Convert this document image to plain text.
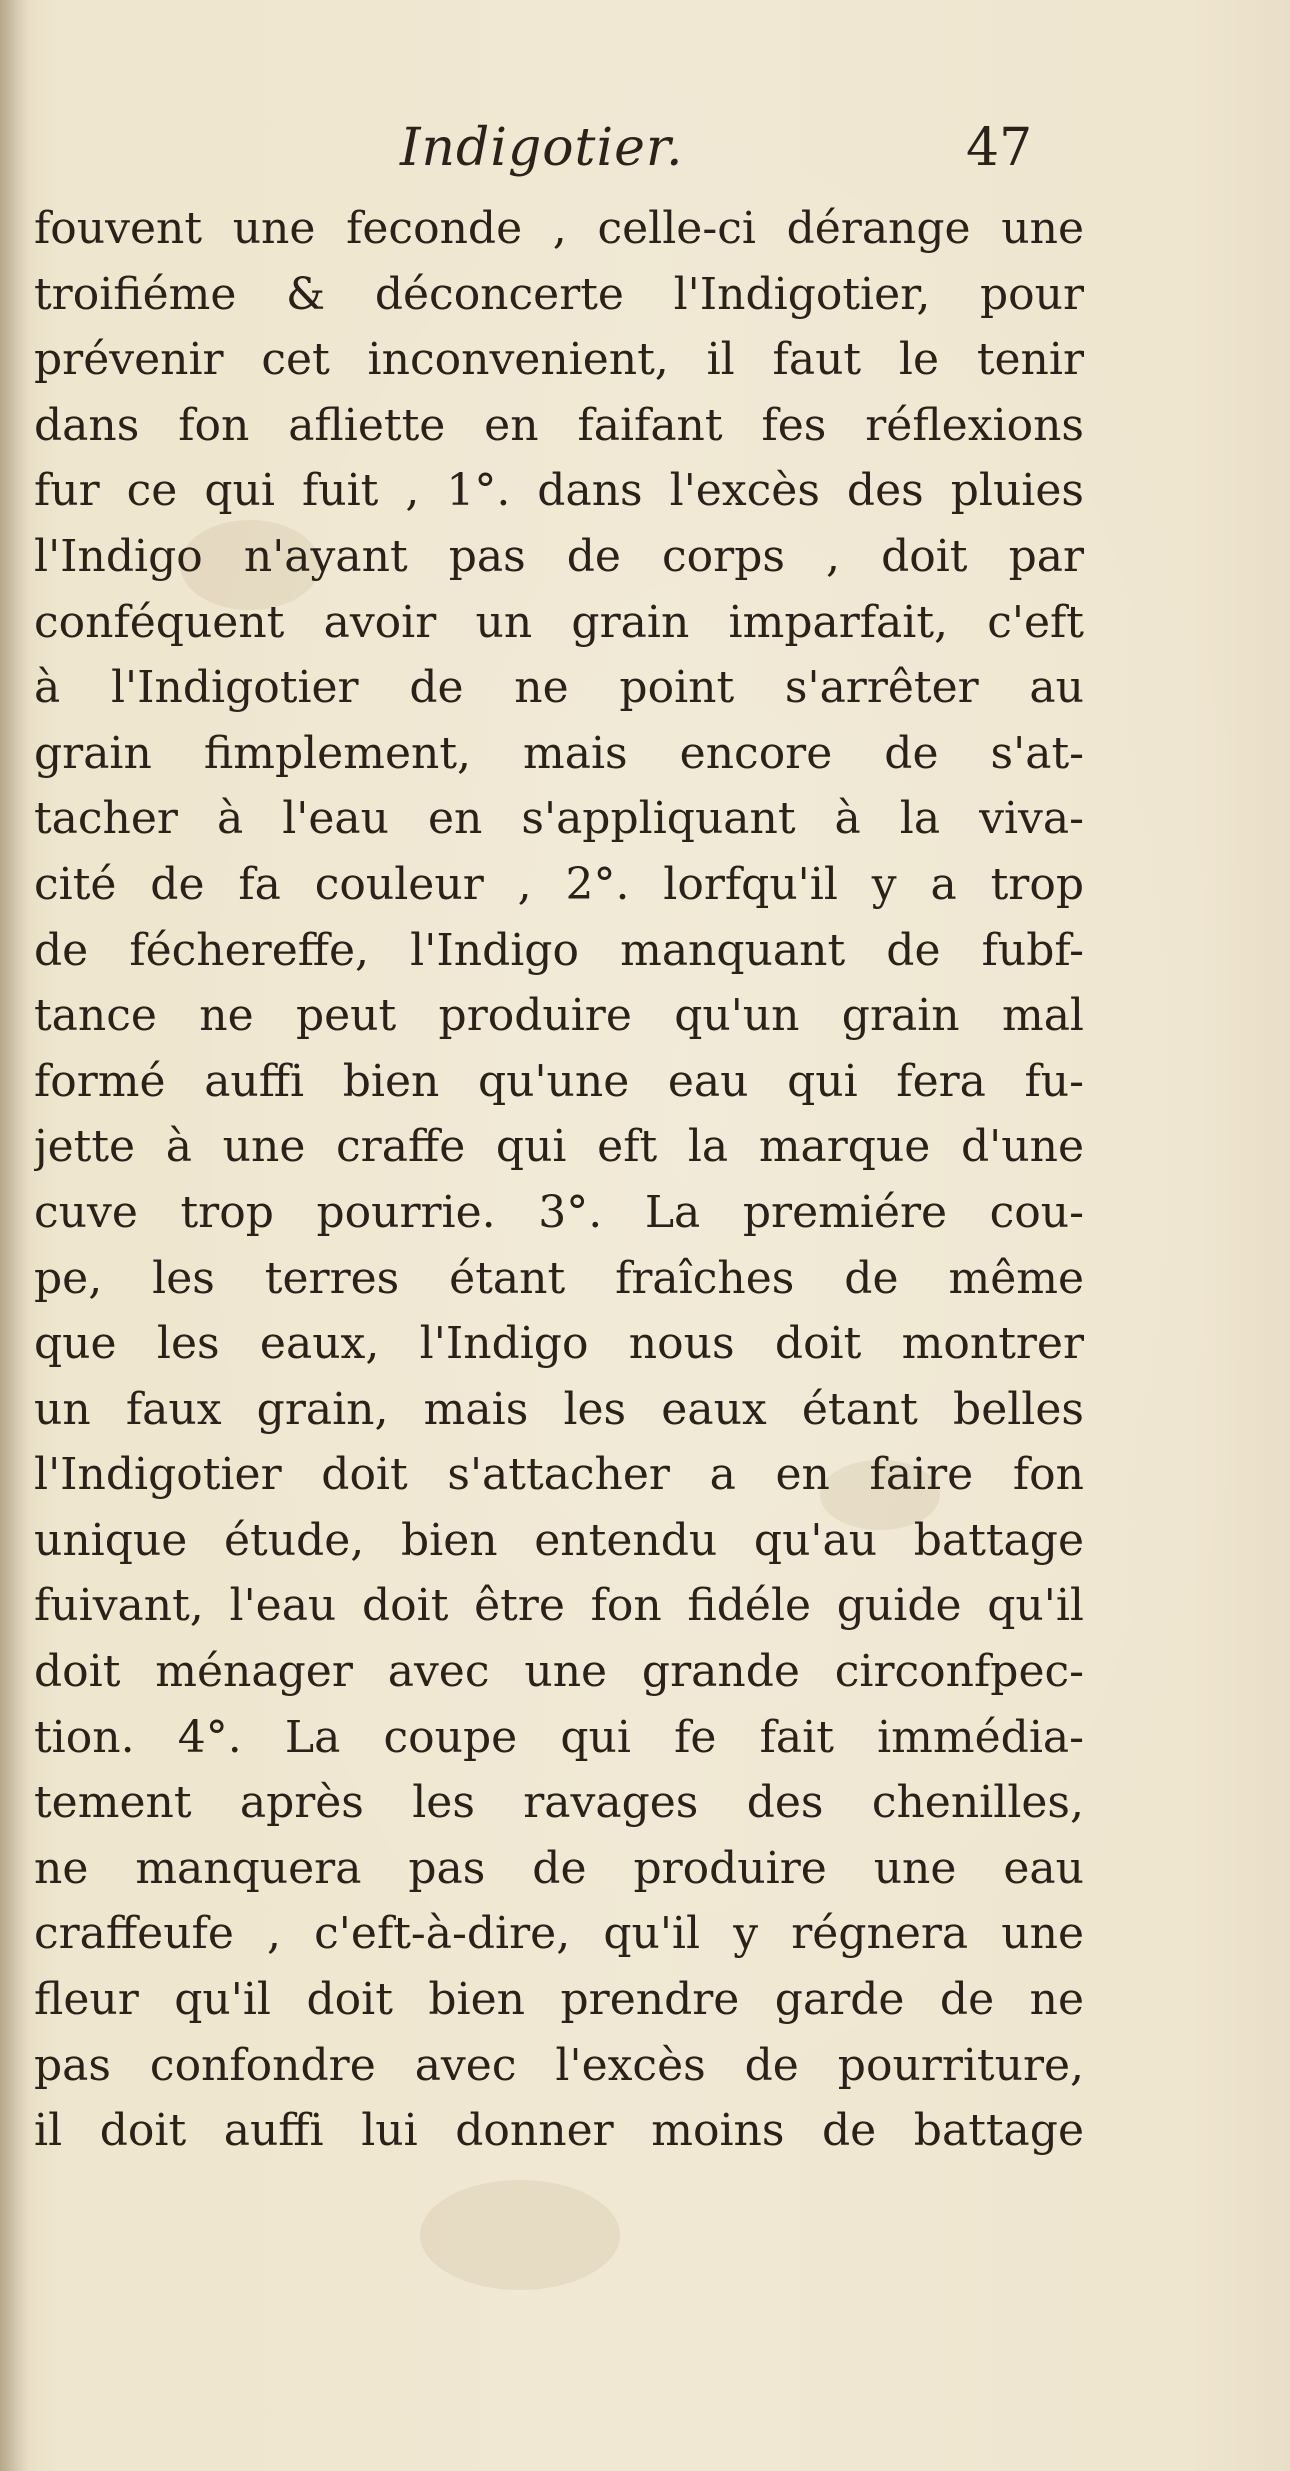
Indigotier.	47
fouvent une feconde , celle-ci dérange une
troifiéme & déconcerte l'Indigotier, pour
prévenir cet inconvenient, il faut le tenir
dans fon afliette en faifant fes réflexions
fur ce qui fuit , 1°. dans l'excès des pluies
l'Indigo n'ayant pas de corps , doit par
conféquent avoir un grain imparfait, c'eft
à l'Indigotier de ne point s'arrêter au
grain fimplement, mais encore de s'at-
tacher à l'eau en s'appliquant à la viva-
cité de fa couleur , 2°. lorfqu'il y a trop
de féchereffe, l'Indigo manquant de fubf-
tance ne peut produire qu'un grain mal
formé auffi bien qu'une eau qui fera fu-
jette à une craffe qui eft la marque d'une
cuve trop pourrie. 3°. La premiére cou-
pe, les terres étant fraîches de même
que les eaux, l'Indigo nous doit montrer
un faux grain, mais les eaux étant belles
l'Indigotier doit s'attacher a en faire fon
unique étude, bien entendu qu'au battage
fuivant, l'eau doit être fon fidéle guide qu'il
doit ménager avec une grande circonfpec-
tion. 4°. La coupe qui fe fait immédia-
tement après les ravages des chenilles,
ne manquera pas de produire une eau
craffeufe , c'eft-à-dire, qu'il y régnera une
fleur qu'il doit bien prendre garde de ne
pas confondre avec l'excès de pourriture,
il doit auffi lui donner moins de battage
